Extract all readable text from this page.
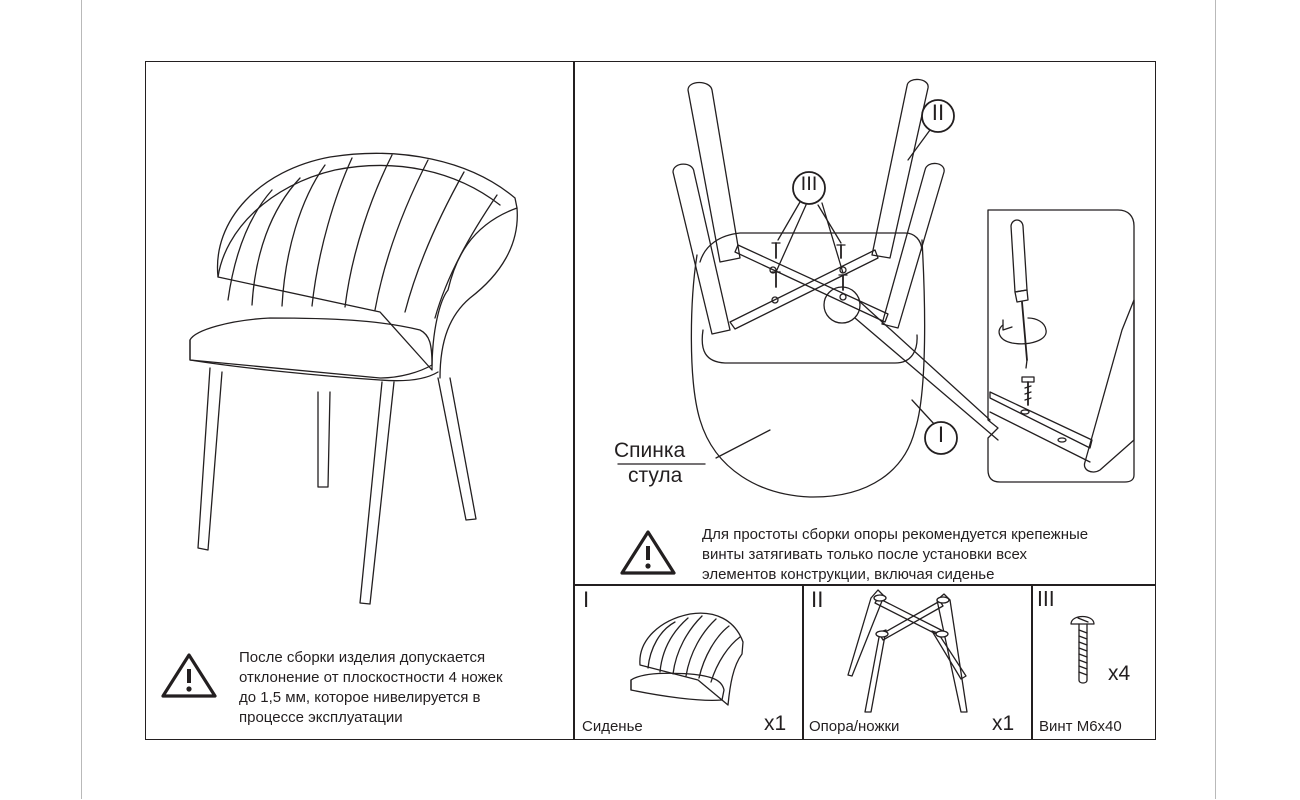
После сборки изделия допускается
отклонение от плоскостности 4 ножек
до 1,5 мм, которое нивелируется в
процессе эксплуатации
II
III
I
Спинка
стула
Для простоты сборки опоры рекомендуется крепежные
винты затягивать только после установки всех
элементов конструкции, включая сиденье
I
Сиденье	x1
II
Опора/ножки	x1
III
Винт М6х40
x4
